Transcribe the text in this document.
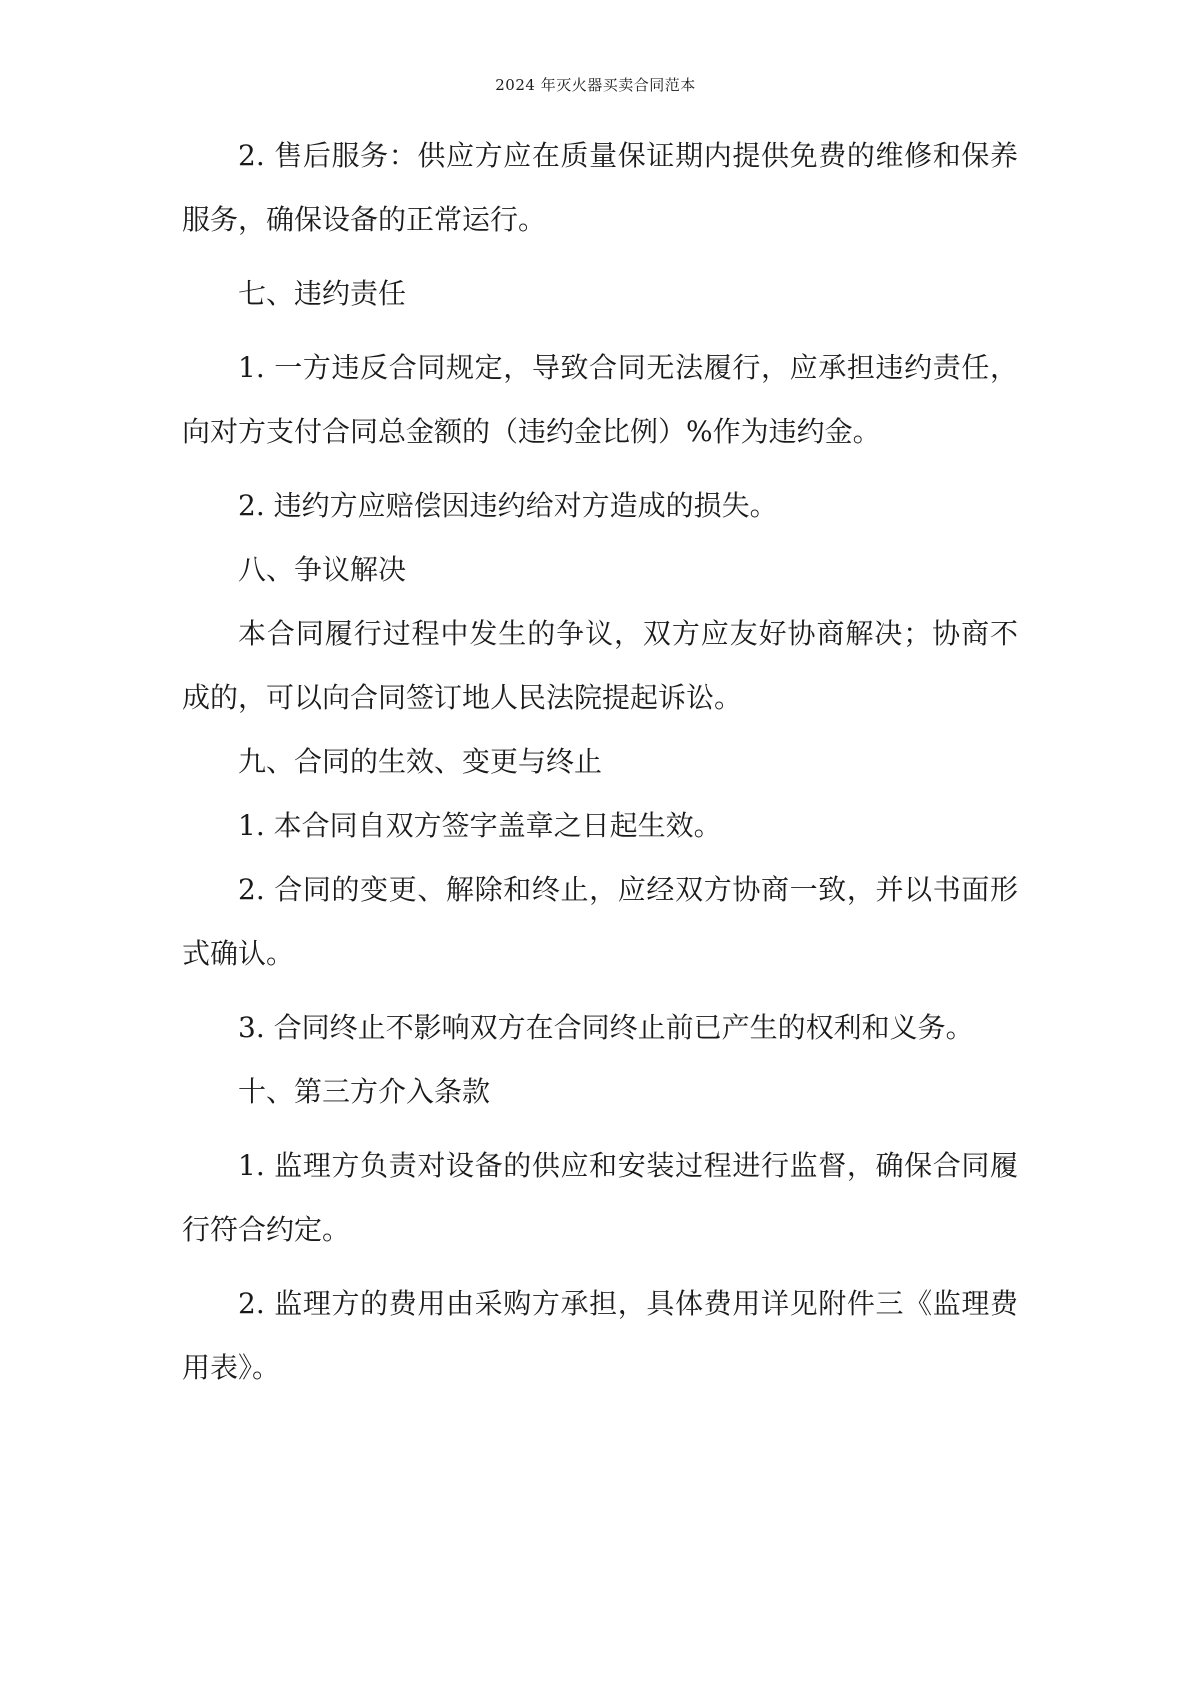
2024 年灭火器买卖合同范本

2. 售后服务：供应方应在质量保证期内提供免费的维修和保养服务，确保设备的正常运行。

七、违约责任

1. 一方违反合同规定，导致合同无法履行，应承担违约责任，向对方支付合同总金额的（违约金比例）%作为违约金。

2. 违约方应赔偿因违约给对方造成的损失。

八、争议解决

本合同履行过程中发生的争议，双方应友好协商解决；协商不成的，可以向合同签订地人民法院提起诉讼。

九、合同的生效、变更与终止

1. 本合同自双方签字盖章之日起生效。

2. 合同的变更、解除和终止，应经双方协商一致，并以书面形式确认。

3. 合同终止不影响双方在合同终止前已产生的权利和义务。

十、第三方介入条款

1. 监理方负责对设备的供应和安装过程进行监督，确保合同履行符合约定。

2. 监理方的费用由采购方承担，具体费用详见附件三《监理费用表》。
